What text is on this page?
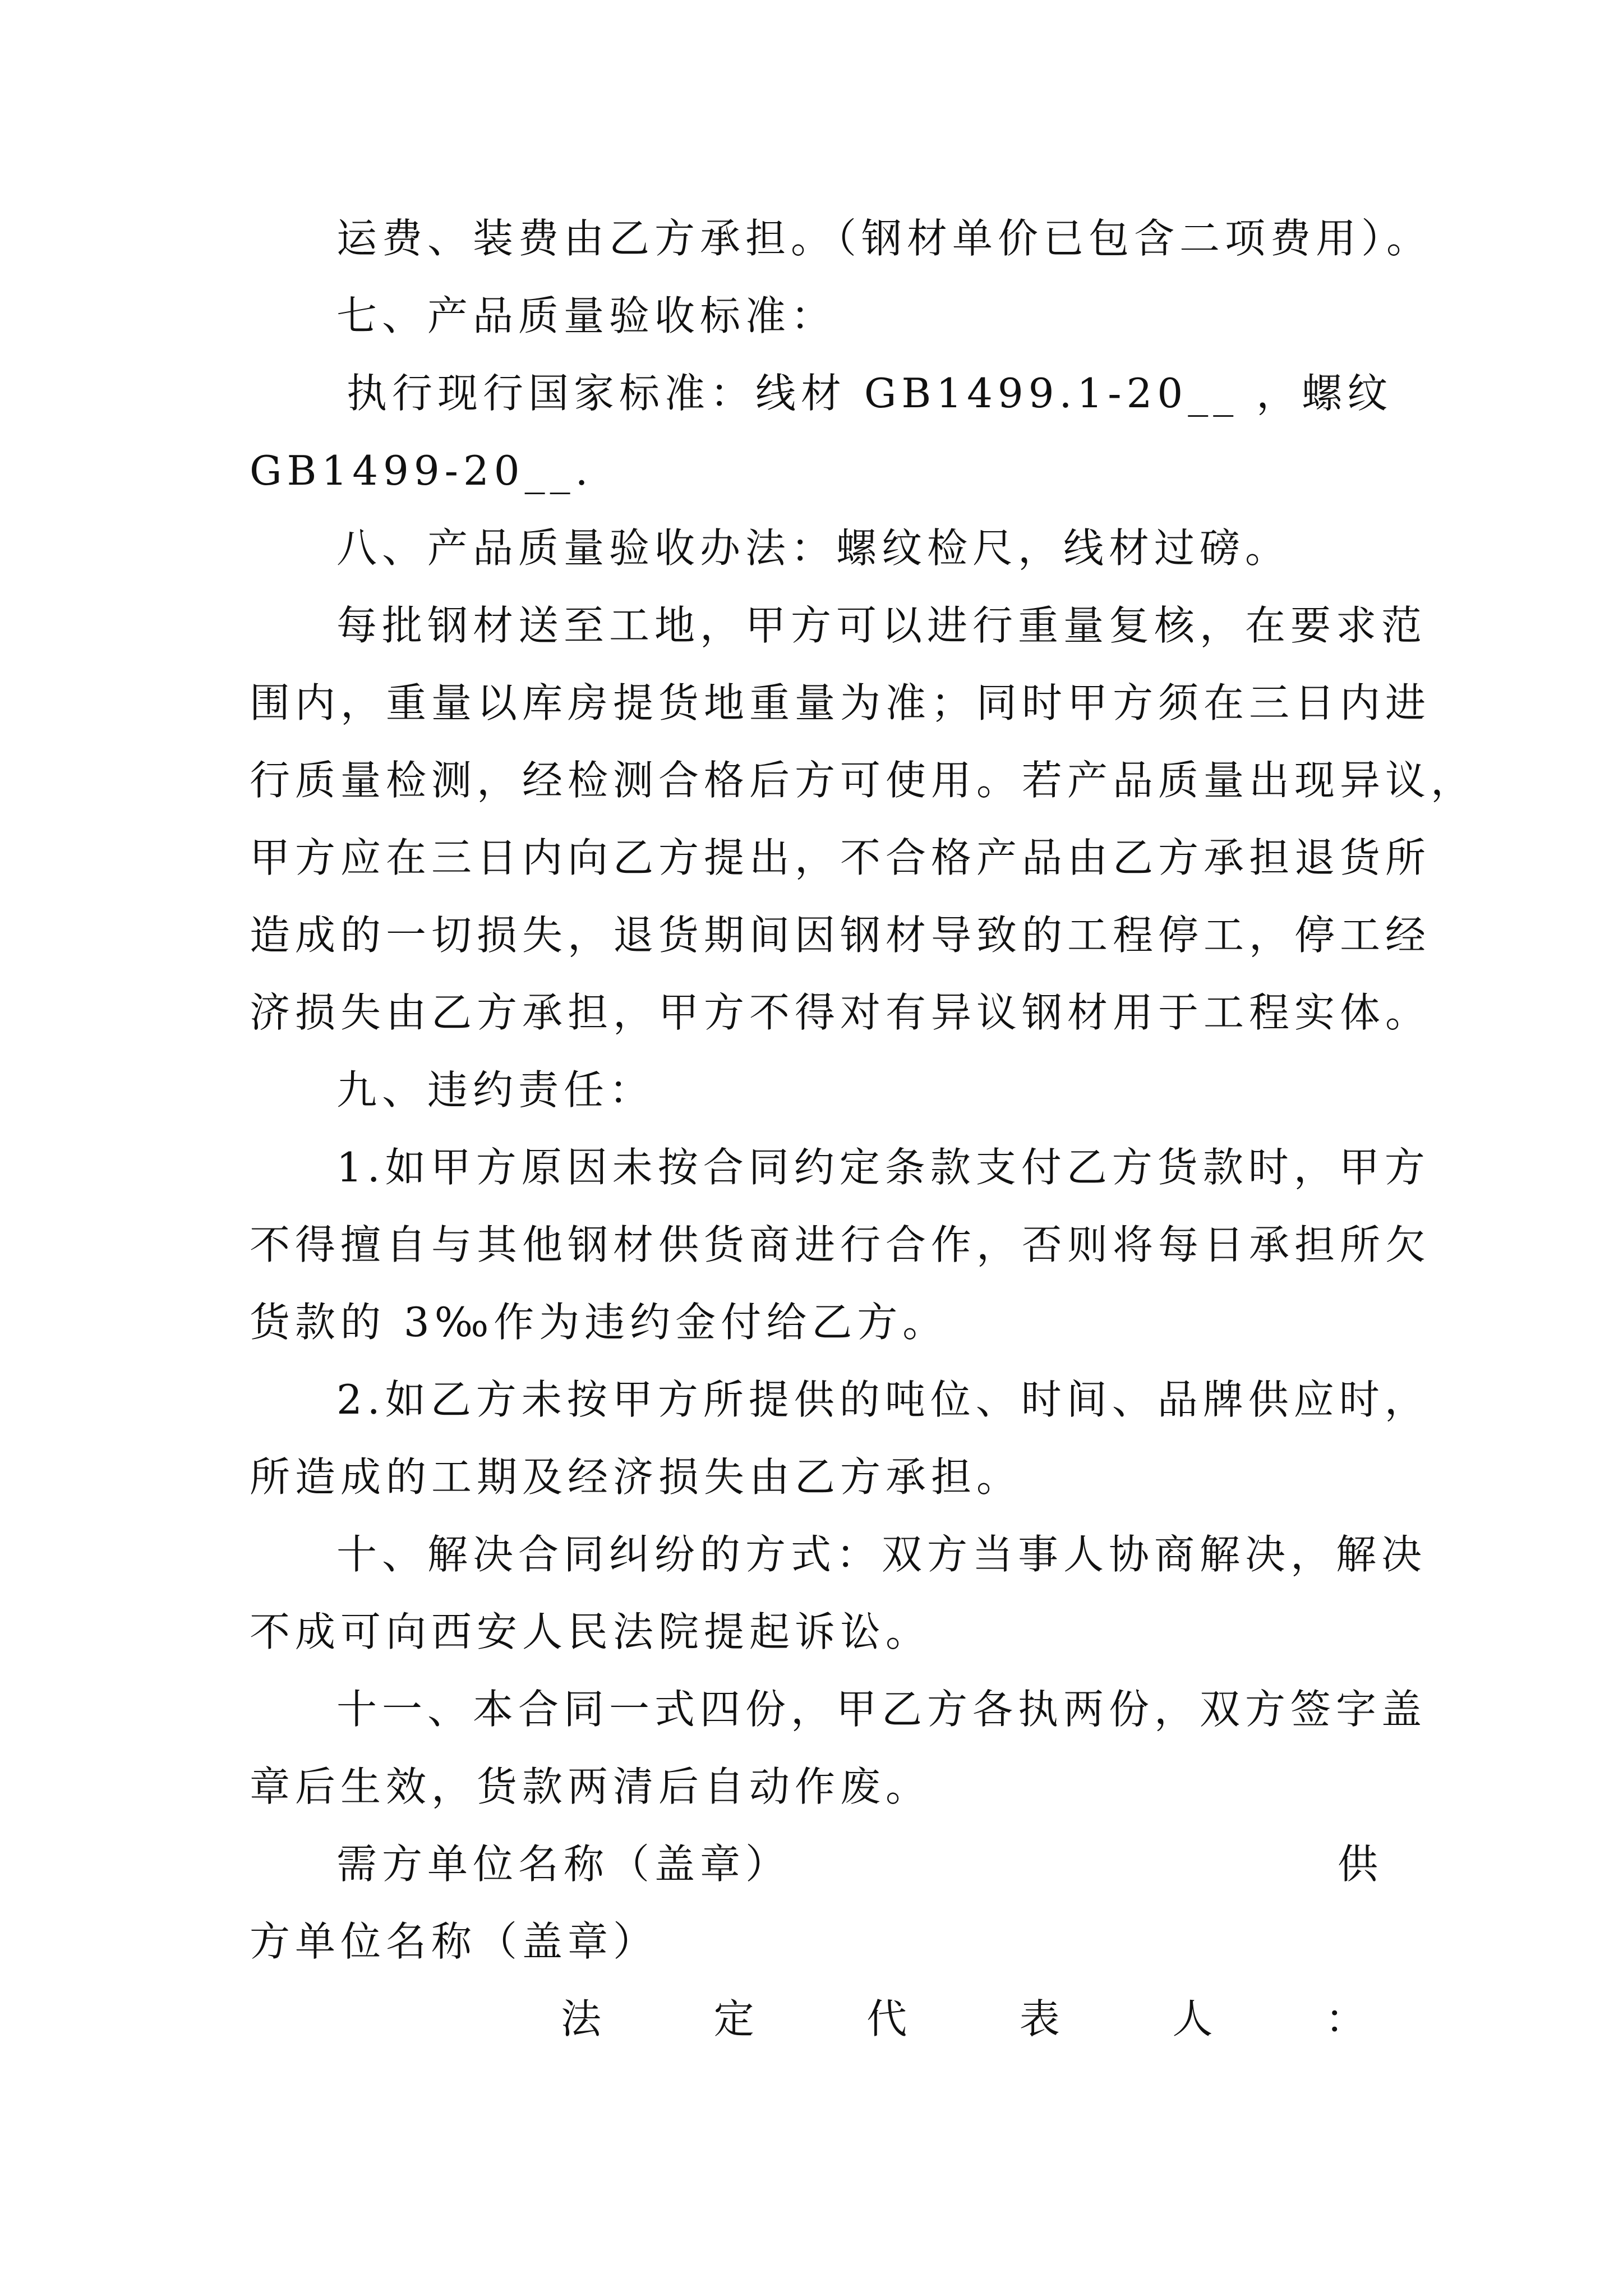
运费、装费由乙方承担。（钢材单价已包含二项费用）。
七、产品质量验收标准：
执行现行国家标准：线材 GB1499.1-20__ ，螺纹
GB1499-20__.
八、产品质量验收办法：螺纹检尺，线材过磅。
每批钢材送至工地，甲方可以进行重量复核，在要求范
围内，重量以库房提货地重量为准；同时甲方须在三日内进
行质量检测，经检测合格后方可使用。若产品质量出现异议，
甲方应在三日内向乙方提出，不合格产品由乙方承担退货所
造成的一切损失，退货期间因钢材导致的工程停工，停工经
济损失由乙方承担，甲方不得对有异议钢材用于工程实体。
九、违约责任：
1.如甲方原因未按合同约定条款支付乙方货款时，甲方
不得擅自与其他钢材供货商进行合作，否则将每日承担所欠
货款的 3‰作为违约金付给乙方。
2.如乙方未按甲方所提供的吨位、时间、品牌供应时，
所造成的工期及经济损失由乙方承担。
十、解决合同纠纷的方式：双方当事人协商解决，解决
不成可向西安人民法院提起诉讼。
十一、本合同一式四份，甲乙方各执两份，双方签字盖
章后生效，货款两清后自动作废。
需方单位名称（盖章）	供
方单位名称（盖章）
法	定	代	表	人	：
